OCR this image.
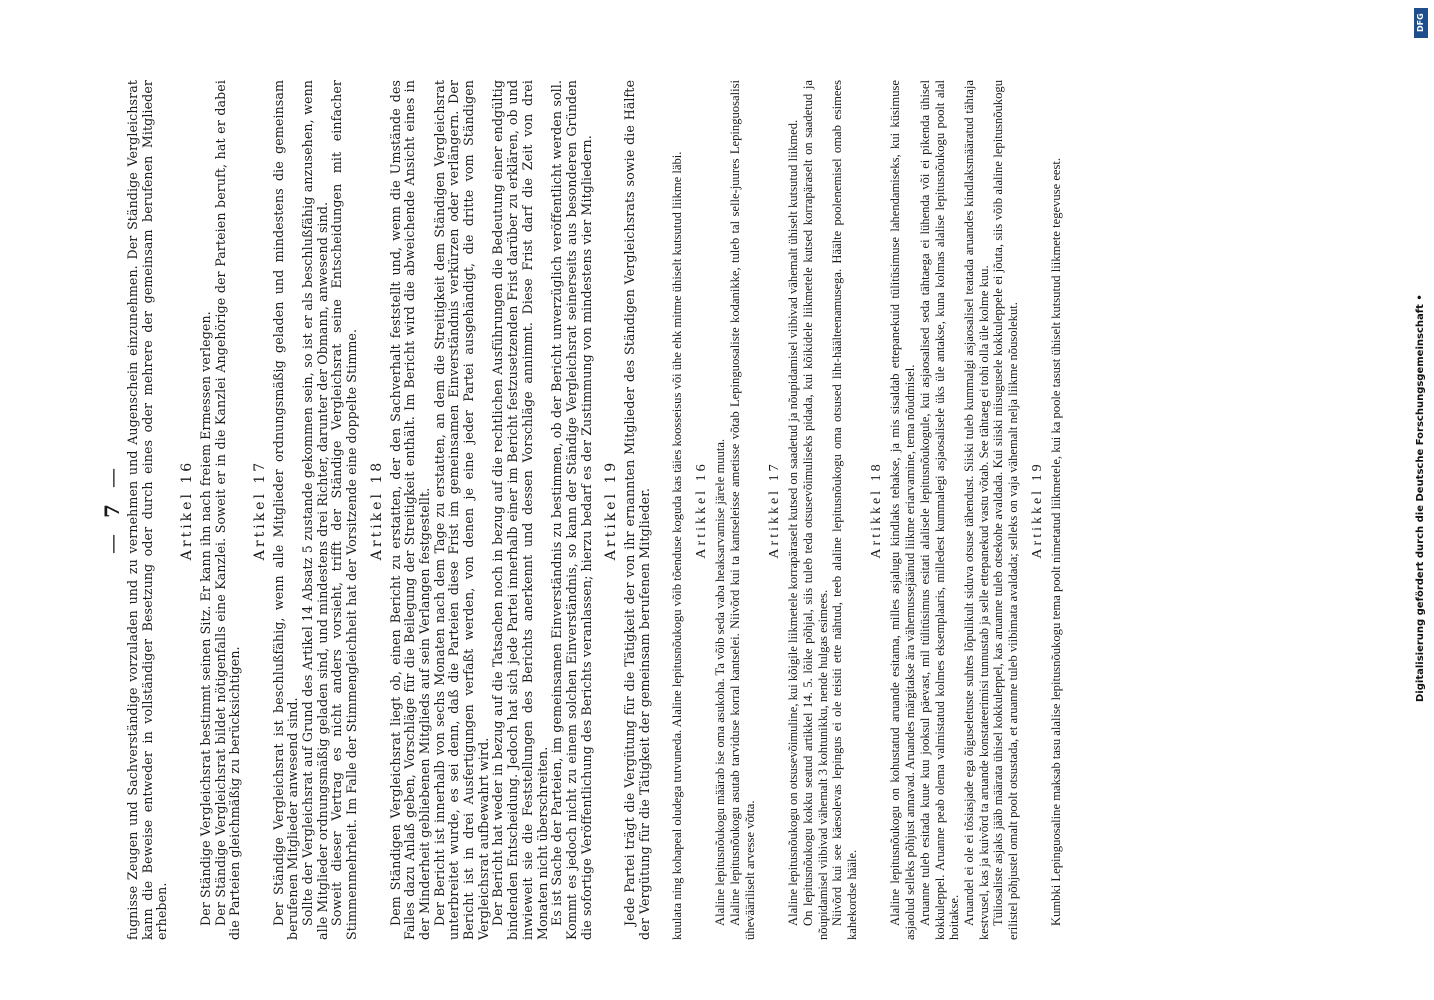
—7— fugnisse Zeugen und Sachverständige vorzuladen und zu vernehmen und Augenschein einzunehmen. Der Ständige Vergleichsrat kann die Beweise entweder in vollständiger Besetzung oder durch eines oder mehrere der gemeinsam berufenen Mitglieder erheben.

Artikel 16 Der Ständige Vergleichsrat bestimmt seinen Sitz. Er kann ihn nach freiem Ermessen verlegen. Der Ständige Vergleichsrat bildet nötigenfalls eine Kanzlei. Soweit er in die Kanzlei Angehörige der Parteien beruft, hat er dabei die Parteien gleichmäßig zu berücksichtigen.

Artikel 17 Der Ständige Vergleichsrat ist beschlußfähig, wenn alle Mitglieder ordnungsmäßig geladen und mindestens die gemeinsam berufenen Mitglieder anwesend sind. Sollte der Vergleichsrat auf Grund des Artikel 14 Absatz 5 zustande gekommen sein, so ist er als beschlußfähig anzusehen, wenn alle Mitglieder ordnungsmäßig geladen sind, und mindestens drei Richter, darunter der Obmann, anwesend sind. Soweit dieser Vertrag es nicht anders vorsieht, trifft der Ständige Vergleichsrat seine Entscheidungen mit einfacher Stimmenmehrheit. Im Falle der Stimmengleichheit hat der Vorsitzende eine doppelte Stimme. Artikel 18 Dem Ständigen Vergleichsrat liegt ob, einen Bericht zu erstatten, der den Sachverhalt feststellt und, wenn die Umstände des Falles dazu Anlaß geben, Vorschläge für die Beilegung der Streitigkeit enthält. Im Bericht wird die abweichende Ansicht eines in der Minderheit gebliebenen Mitglieds auf sein Verlangen festgestellt. Der Bericht ist innerhalb von sechs Monaten nach dem Tage zu erstatten, an dem die Streitigkeit dem Ständigen Vergleichsrat unterbreitet wurde, es sei denn, daß die Parteien diese Frist im gemeinsamen Einverständnis verkürzen oder verlängern. Der Bericht ist in drei Ausfertigungen verfaßt werden, von denen je eine jeder Partei ausgehändigt, die dritte vom Ständigen Vergleichsrat aufbewahrt wird. Der Bericht hat weder in bezug auf die Tatsachen noch in bezug auf die rechtlichen Ausführungen die Bedeutung einer endgültig bindenden Entscheidung. Jedoch hat sich jede Partei innerhalb einer im Bericht festzusetzenden Frist darüber zu erklären, ob und inwieweit sie die Feststellungen des Berichts anerkennt und dessen Vorschläge annimmt. Diese Frist darf die Zeit von drei Monaten nicht überschreiten. Es ist Sache der Parteien, im gemeinsamen Einverständnis zu bestimmen, ob der Bericht unverzüglich veröffentlicht werden soll. Kommt es jedoch nicht zu einem solchen Einverständnis, so kann der Ständige Vergleichsrat seinerseits aus besonderen Gründen die sofortige Veröffentlichung des Berichts veranlassen; hierzu bedarf es der Zustimmung von mindestens vier Mitgliedern. Artikel 19 Jede Partei trägt die Vergütung für die Tätigkeit der von ihr ernannten Mitglieder des Ständigen Vergleichsrats sowie die Hälfte der Vergütung für die Tätigkeit der gemeinsam berufenen Mitglieder. kuulata ning kohapeal oludega tutvuneda. Alaline lepitusnõukogu võib tõenduse koguda kas täies koosseisus või ühe ehk mitme ühiselt kutsutud liikme läbi. Artikkel 16 Alaline lepitusnõukogu määrab ise oma asukoha. Ta võib seda vaba heaksarvamise järele muuta. Alaline lepitusnõukogu asutab tarviduse korral kantselei. Niivõrd kui ta kantseleisse ametisse võtab Lepinguosaliste kodanikke, tuleb tal selle-juures Lepinguosalisi ühevääriliselt arvesse võtta.

Artikkel 17 Alaline lepitusnõukogu on otsusevõimuline, kui kõigile liikmetele korrapäraselt kutsed on saadetud ja nõupidamisel viibivad vähemalt ühiselt kutsutud liikmed. On lepitusnõukogu kokku seatud artikkel 14. 5. lõike põhjal, siis tuleb teda otsusevõimuliseks pidada, kui kõikidele liikmetele kutsed korrapäraselt on saadetud ja nõupidamisel viibivad vähemalt 3 kohtunikku, nende hulgas esimees. Niivõrd kui see käesolevas lepingus ei ole teisiti ette nähtud, teeb alaline lepitusnõukogu oma otsused liht-häälteenamusega. Häälte poolenemisel omab esimees kahekordse hääle.

Artikkel 18 Alaline lepitusnõukogu on kohustatud aruande esitama, milles asjalugu kindlaks tehakse, ja mis sisaldab ettepanekuid tülitüsimuse lahendamiseks, kui küsimuse asjaolud selleks põhjust annavad. Aruandes märgitakse ära vähemussejäänud liikme eriarvamine, tema nõudmisel. Aruanne tuleb esitada kuue kuu jooksul päevast, mil tülitüsimus esitati alalisele lepitusnõukogule, kui asjaosalised seda tähtaega ei lühenda või ei pikenda ühisel kokkuleppel. Aruanne peab olema valmistatud kolmes eksemplaaris, milledest kummalegi asjaosalisele üks üle antakse, kuna kolmas alalise lepitusnõukogu poolt alal hoitakse. Aruandel ei ole ei tõsiasjade ega õiguseletuste suhtes lõpulikult siduva otsuse tähendust. Siiski tuleb kummalgi asjaosalisel teatada aruandes kindlaksmääratud tähtaja kestvusel, kas ja kuivõrd ta aruande konstateerimisi tunnustab ja selle ettepanekud vastu võtab. See tähtaeg ei tohi olla üle kolme kuu. Tüliosaliste asjaks jääb määrata ühisel kokkuleppel, kas aruanne tuleb otsekohe avaldada. Kui siiski niisugusele kokkuleppele ei jõuta, siis võib alaline lepitusnõukogu erilistel põhjustel omalt poolt otsustada, et aruanne tuleb viibimata avaldada; selleks on vaja vähemalt nelja liikme nõusolekut. Artikkel 19 Kumbki Lepinguosaline maksab tasu alalise lepitusnõukogu tema poolt nimetatud liikmetele, kui ka poole tasust ühiselt kutsutud liikmete tegevuse eest.

DFG
Digitalisierung gefördert durch die Deutsche Forschungsgemeinschaft •
